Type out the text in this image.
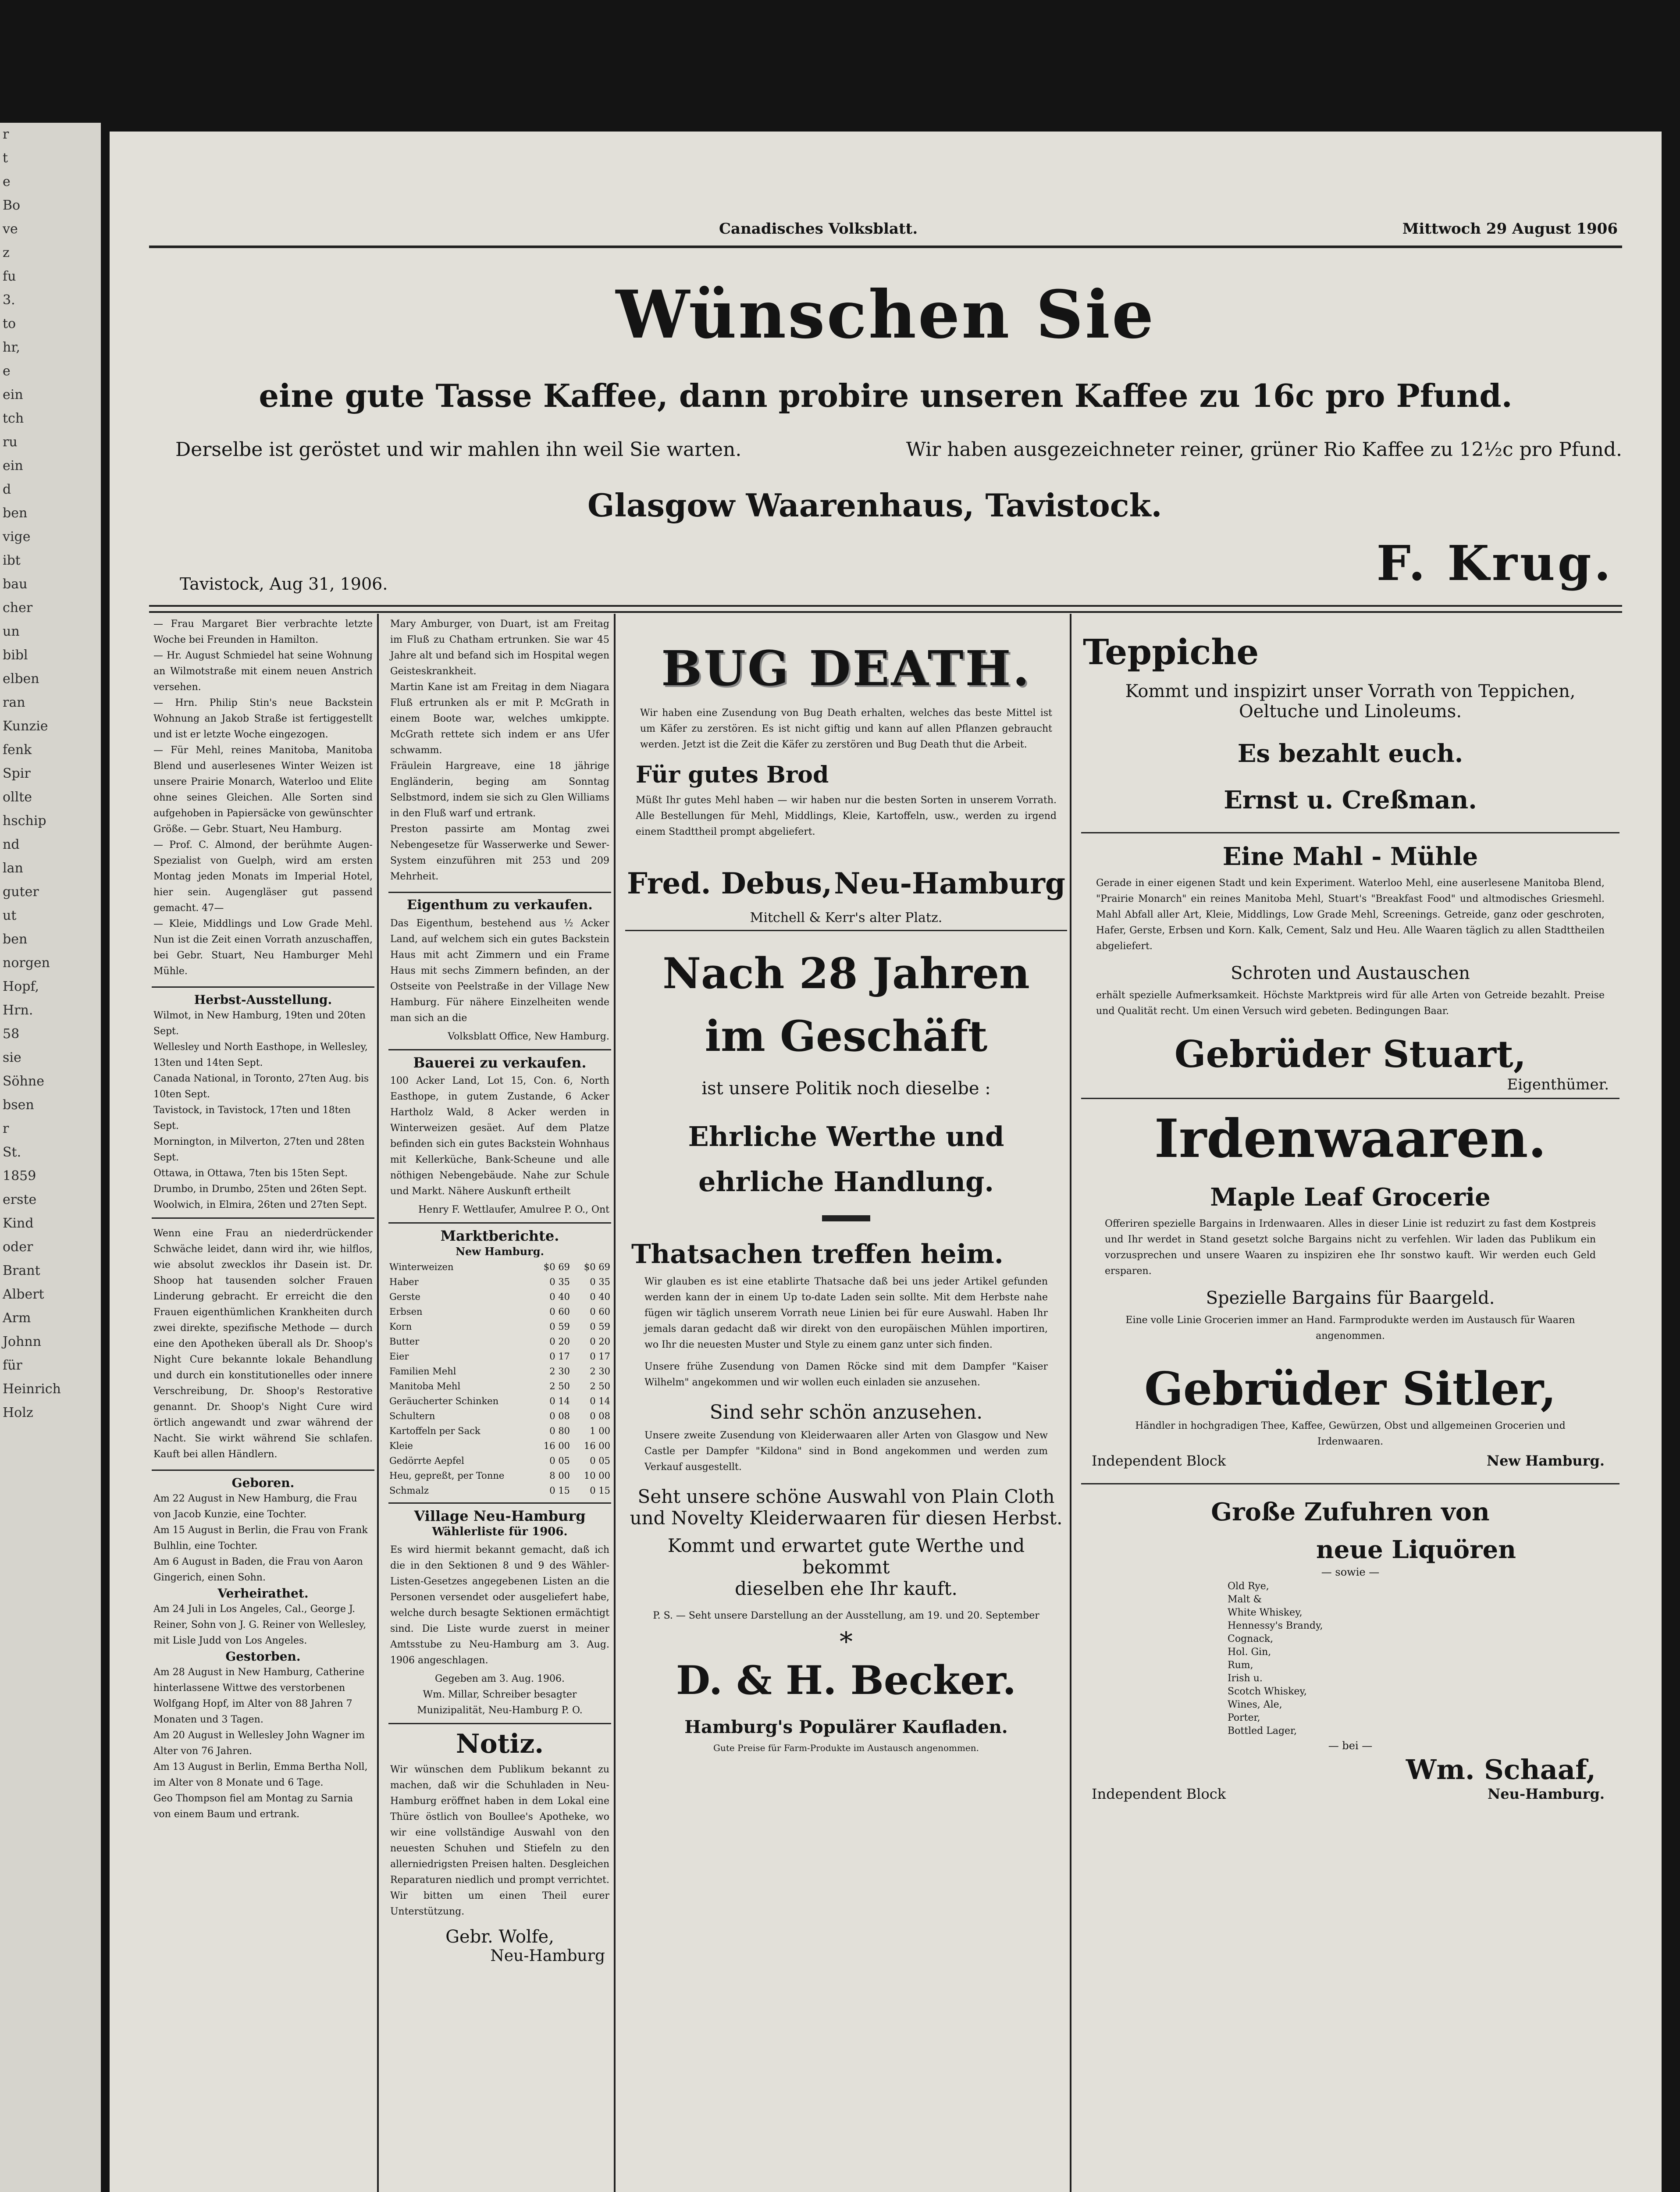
r
t
e
Bo
ve
z
fu
3.
to
hr,
e
ein
tch
ru
ein
d
ben
vige
ibt
bau
cher
un
bibl
elben
ran
Kunzie
fenk
Spir
ollte
hschip
nd
lan
guter
ut
ben
norgen
Hopf,
Hrn.
58
sie
Söhne
bsen
r
St.
1859
erste
Kind
oder
Brant
Albert
Arm
Johnn
für
Heinrich
Holz
Canadisches Volksblatt.	Mittwoch 29 August 1906
Wünschen Sie
eine gute Tasse Kaffee, dann probire unseren Kaffee zu 16c pro Pfund.
Derselbe ist geröstet und wir mahlen ihn weil Sie warten.	Wir haben ausgezeichneter reiner, grüner Rio Kaffee zu 12½c pro Pfund.
Glasgow Waarenhaus, Tavistock.
F. Krug.
Tavistock, Aug 31, 1906.
— Frau Margaret Bier verbrachte letzte Woche bei Freunden in Hamilton.
— Hr. August Schmiedel hat seine Wohnung an Wilmotstraße mit einem neuen Anstrich versehen.
— Hrn. Philip Stin's neue Backstein Wohnung an Jakob Straße ist fertiggestellt und ist er letzte Woche eingezogen.
— Für Mehl, reines Manitoba, Manitoba Blend und auserlesenes Winter Weizen ist unsere Prairie Monarch, Waterloo und Elite ohne seines Gleichen. Alle Sorten sind aufgehoben in Papiersäcke von gewünschter Größe. — Gebr. Stuart, Neu Hamburg.
— Prof. C. Almond, der berühmte Augen-Spezialist von Guelph, wird am ersten Montag jeden Monats im Imperial Hotel, hier sein. Augengläser gut passend gemacht. 47—
— Kleie, Middlings und Low Grade Mehl. Nun ist die Zeit einen Vorrath anzuschaffen, bei Gebr. Stuart, Neu Hamburger Mehl Mühle.
Herbst-Ausstellung.
Wilmot, in New Hamburg, 19ten und 20ten Sept.
Wellesley und North Easthope, in Wellesley, 13ten und 14ten Sept.
Canada National, in Toronto, 27ten Aug. bis 10ten Sept.
Tavistock, in Tavistock, 17ten und 18ten Sept.
Mornington, in Milverton, 27ten und 28ten Sept.
Ottawa, in Ottawa, 7ten bis 15ten Sept.
Drumbo, in Drumbo, 25ten und 26ten Sept.
Woolwich, in Elmira, 26ten und 27ten Sept.
Wenn eine Frau an niederdrückender Schwäche leidet, dann wird ihr, wie hilflos, wie absolut zwecklos ihr Dasein ist. Dr. Shoop hat tausenden solcher Frauen Linderung gebracht. Er erreicht die den Frauen eigenthümlichen Krankheiten durch zwei direkte, spezifische Methode — durch eine den Apotheken überall als Dr. Shoop's Night Cure bekannte lokale Behandlung und durch ein konstitutionelles oder innere Verschreibung, Dr. Shoop's Restorative genannt. Dr. Shoop's Night Cure wird örtlich angewandt und zwar während der Nacht. Sie wirkt während Sie schlafen. Kauft bei allen Händlern.
Geboren.
Am 22 August in New Hamburg, die Frau von Jacob Kunzie, eine Tochter.
Am 15 August in Berlin, die Frau von Frank Bulhlin, eine Tochter.
Am 6 August in Baden, die Frau von Aaron Gingerich, einen Sohn.
Verheirathet.
Am 24 Juli in Los Angeles, Cal., George J. Reiner, Sohn von J. G. Reiner von Wellesley, mit Lisle Judd von Los Angeles.
Gestorben.
Am 28 August in New Hamburg, Catherine hinterlassene Wittwe des verstorbenen Wolfgang Hopf, im Alter von 88 Jahren 7 Monaten und 3 Tagen.
Am 20 August in Wellesley John Wagner im Alter von 76 Jahren.
Am 13 August in Berlin, Emma Bertha Noll, im Alter von 8 Monate und 6 Tage.
Geo Thompson fiel am Montag zu Sarnia von einem Baum und ertrank.
Mary Amburger, von Duart, ist am Freitag im Fluß zu Chatham ertrunken. Sie war 45 Jahre alt und befand sich im Hospital wegen Geisteskrankheit.
Martin Kane ist am Freitag in dem Niagara Fluß ertrunken als er mit P. McGrath in einem Boote war, welches umkippte. McGrath rettete sich indem er ans Ufer schwamm.
Fräulein Hargreave, eine 18 jährige Engländerin, beging am Sonntag Selbstmord, indem sie sich zu Glen Williams in den Fluß warf und ertrank.
Preston passirte am Montag zwei Nebengesetze für Wasserwerke und Sewer-System einzuführen mit 253 und 209 Mehrheit.
Eigenthum zu verkaufen.
Das Eigenthum, bestehend aus ½ Acker Land, auf welchem sich ein gutes Backstein Haus mit acht Zimmern und ein Frame Haus mit sechs Zimmern befinden, an der Ostseite von Peelstraße in der Village New Hamburg. Für nähere Einzelheiten wende man sich an die
Volksblatt Office, New Hamburg.
Bauerei zu verkaufen.
100 Acker Land, Lot 15, Con. 6, North Easthope, in gutem Zustande, 6 Acker Hartholz Wald, 8 Acker werden in Winterweizen gesäet. Auf dem Platze befinden sich ein gutes Backstein Wohnhaus mit Kellerküche, Bank-Scheune und alle nöthigen Nebengebäude. Nahe zur Schule und Markt. Nähere Auskunft ertheilt
Henry F. Wettlaufer, Amulree P. O., Ont
Marktberichte.
New Hamburg.
Winterweizen	$0 69	$0 69
Haber	0 35	0 35
Gerste	0 40	0 40
Erbsen	0 60	0 60
Korn	0 59	0 59
Butter	0 20	0 20
Eier	0 17	0 17
Familien Mehl	2 30	2 30
Manitoba Mehl	2 50	2 50
Geräucherter Schinken	0 14	0 14
Schultern	0 08	0 08
Kartoffeln per Sack	0 80	1 00
Kleie	16 00	16 00
Gedörrte Aepfel	0 05	0 05
Heu, gepreßt, per Tonne	8 00	10 00
Schmalz	0 15	0 15
Village Neu-Hamburg
Wählerliste für 1906.
Es wird hiermit bekannt gemacht, daß ich die in den Sektionen 8 und 9 des Wähler-Listen-Gesetzes angegebenen Listen an die Personen versendet oder ausgeliefert habe, welche durch besagte Sektionen ermächtigt sind. Die Liste wurde zuerst in meiner Amtsstube zu Neu-Hamburg am 3. Aug. 1906 angeschlagen.
Gegeben am 3. Aug. 1906.
Wm. Millar, Schreiber besagter Munizipalität, Neu-Hamburg P. O.
Notiz.
Wir wünschen dem Publikum bekannt zu machen, daß wir die Schuhladen in Neu-Hamburg eröffnet haben in dem Lokal eine Thüre östlich von Boullee's Apotheke, wo wir eine vollständige Auswahl von den neuesten Schuhen und Stiefeln zu den allerniedrigsten Preisen halten. Desgleichen Reparaturen niedlich und prompt verrichtet. Wir bitten um einen Theil eurer Unterstützung.
Gebr. Wolfe,
Neu-Hamburg
BUG DEATH.
Wir haben eine Zusendung von Bug Death erhalten, welches das beste Mittel ist um Käfer zu zerstören. Es ist nicht giftig und kann auf allen Pflanzen gebraucht werden. Jetzt ist die Zeit die Käfer zu zerstören und Bug Death thut die Arbeit.
Für gutes Brod
Müßt Ihr gutes Mehl haben — wir haben nur die besten Sorten in unserem Vorrath. Alle Bestellungen für Mehl, Middlings, Kleie, Kartoffeln, usw., werden zu irgend einem Stadttheil prompt abgeliefert.
Fred. Debus, Neu-Hamburg
Mitchell & Kerr's alter Platz.
Nach 28 Jahren
im Geschäft
ist unsere Politik noch dieselbe :
Ehrliche Werthe und
ehrliche Handlung.
Thatsachen treffen heim.
Wir glauben es ist eine etablirte Thatsache daß bei uns jeder Artikel gefunden werden kann der in einem Up to-date Laden sein sollte. Mit dem Herbste nahe fügen wir täglich unserem Vorrath neue Linien bei für eure Auswahl. Haben Ihr jemals daran gedacht daß wir direkt von den europäischen Mühlen importiren, wo Ihr die neuesten Muster und Style zu einem ganz unter sich finden.
Unsere frühe Zusendung von Damen Röcke sind mit dem Dampfer "Kaiser Wilhelm" angekommen und wir wollen euch einladen sie anzusehen.
Sind sehr schön anzusehen.
Unsere zweite Zusendung von Kleiderwaaren aller Arten von Glasgow und New Castle per Dampfer "Kildona" sind in Bond angekommen und werden zum Verkauf ausgestellt.
Seht unsere schöne Auswahl von Plain Cloth
und Novelty Kleiderwaaren für diesen Herbst.
Kommt und erwartet gute Werthe und bekommt
dieselben ehe Ihr kauft.
P. S. — Seht unsere Darstellung an der Ausstellung, am 19. und 20. September
*
D. & H. Becker.
Hamburg's Populärer Kaufladen.
Gute Preise für Farm-Produkte im Austausch angenommen.
Teppiche
Kommt und inspizirt unser Vorrath von Teppichen, Oeltuche und Linoleums.
Es bezahlt euch.
Ernst u. Creßman.
Eine Mahl - Mühle
Gerade in einer eigenen Stadt und kein Experiment. Waterloo Mehl, eine auserlesene Manitoba Blend, "Prairie Monarch" ein reines Manitoba Mehl, Stuart's "Breakfast Food" und altmodisches Griesmehl. Mahl Abfall aller Art, Kleie, Middlings, Low Grade Mehl, Screenings. Getreide, ganz oder geschroten, Hafer, Gerste, Erbsen und Korn. Kalk, Cement, Salz und Heu. Alle Waaren täglich zu allen Stadttheilen abgeliefert.
Schroten und Austauschen
erhält spezielle Aufmerksamkeit. Höchste Marktpreis wird für alle Arten von Getreide bezahlt. Preise und Qualität recht. Um einen Versuch wird gebeten. Bedingungen Baar.
Gebrüder Stuart,
Eigenthümer.
Irdenwaaren.
Maple Leaf Grocerie
Offeriren spezielle Bargains in Irdenwaaren. Alles in dieser Linie ist reduzirt zu fast dem Kostpreis und Ihr werdet in Stand gesetzt solche Bargains nicht zu verfehlen. Wir laden das Publikum ein vorzusprechen und unsere Waaren zu inspiziren ehe Ihr sonstwo kauft. Wir werden euch Geld ersparen.
Spezielle Bargains für Baargeld.
Eine volle Linie Grocerien immer an Hand. Farmprodukte werden im Austausch für Waaren angenommen.
Gebrüder Sitler,
Händler in hochgradigen Thee, Kaffee, Gewürzen, Obst und allgemeinen Grocerien und Irdenwaaren.
Independent Block	New Hamburg.
Große Zufuhren von
neue Liquören
— sowie —
Old Rye,
Malt &
White Whiskey,
Hennessy's Brandy,
Cognack,
Hol. Gin,
Rum,
Irish u.
Scotch Whiskey,
Wines, Ale,
Porter,
Bottled Lager,
— bei —
Wm. Schaaf,
Independent Block	Neu-Hamburg.
